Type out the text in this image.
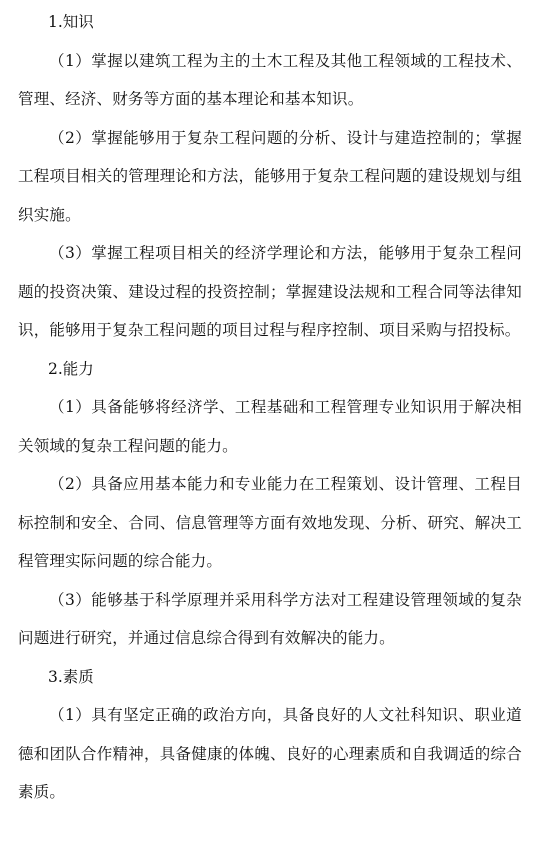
1.知识

（1）掌握以建筑工程为主的土木工程及其他工程领域的工程技术、管理、经济、财务等方面的基本理论和基本知识。

（2）掌握能够用于复杂工程问题的分析、设计与建造控制的；掌握工程项目相关的管理理论和方法，能够用于复杂工程问题的建设规划与组织实施。

（3）掌握工程项目相关的经济学理论和方法，能够用于复杂工程问题的投资决策、建设过程的投资控制；掌握建设法规和工程合同等法律知识，能够用于复杂工程问题的项目过程与程序控制、项目采购与招投标。

2.能力

（1）具备能够将经济学、工程基础和工程管理专业知识用于解决相关领域的复杂工程问题的能力。

（2）具备应用基本能力和专业能力在工程策划、设计管理、工程目标控制和安全、合同、信息管理等方面有效地发现、分析、研究、解决工程管理实际问题的综合能力。

（3）能够基于科学原理并采用科学方法对工程建设管理领域的复杂问题进行研究，并通过信息综合得到有效解决的能力。

3.素质

（1）具有坚定正确的政治方向，具备良好的人文社科知识、职业道德和团队合作精神，具备健康的体魄、良好的心理素质和自我调适的综合素质。
